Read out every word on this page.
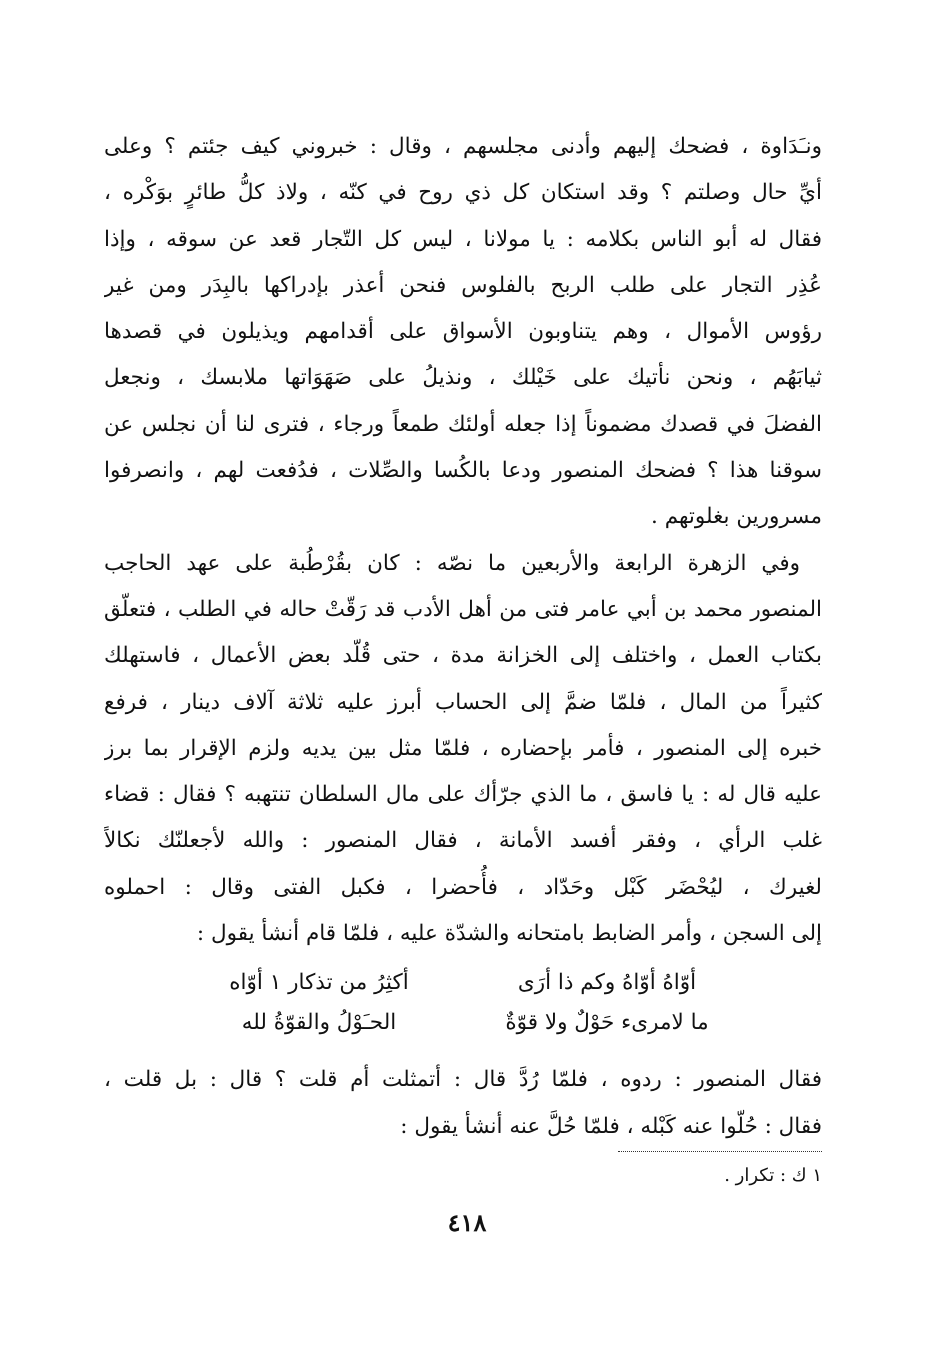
ونـَدَاوة ، فضحك إليهم وأدنى مجلسهم ، وقال : خبروني كيف جئتم ؟ وعلى
أيِّ حال وصلتم ؟ وقد استكان كل ذي روح في كنّه ، ولاذ كلُّ طائرٍ بوَكْره ،
فقال له أبو الناس بكلامه : يا مولانا ، ليس كل التّجار قعد عن سوقه ، وإذا
عُذِر التجار على طلب الربح بالفلوس فنحن أعذر بإدراكها بالبِدَر ومن غير
رؤوس الأموال ، وهم يتناوبون الأسواق على أقدامهم ويذيلون في قصدها
ثيابَهُم ، ونحن نأتيك على خَيْلك ، ونذيلُ على صَهَوَاتها ملابسك ، ونجعل
الفضلَ في قصدك مضموناً إذا جعله أولئك طمعاً ورجاء ، فترى لنا أن نجلس عن
سوقنا هذا ؟ فضحك المنصور ودعا بالكُسا والصِّلات ، فدُفعت لهم ، وانصرفوا
مسرورين بغلوتهم .
وفي الزهرة الرابعة والأربعين ما نصّه : كان بقُرْطُبة على عهد الحاجب
المنصور محمد بن أبي عامر فتى من أهل الأدب قد رَقّتْ حاله في الطلب ، فتعلّق
بكتاب العمل ، واختلف إلى الخزانة مدة ، حتى قُلّد بعض الأعمال ، فاستهلك
كثيراً من المال ، فلمّا ضمَّ إلى الحساب أبرز عليه ثلاثة آلاف دينار ، فرفع
خبره إلى المنصور ، فأمر بإحضاره ، فلمّا مثل بين يديه ولزم الإقرار بما برز
عليه قال له : يا فاسق ، ما الذي جرّأك على مال السلطان تنتهبه ؟ فقال : قضاء
غلب الرأي ، وفقر أفسد الأمانة ، فقال المنصور : والله لأجعلنّك نكالاً
لغيرك ، ليُحْضَر كَبْل وحَدّاد ، فأُحضرا ، فكبل الفتى وقال : احملوه
إلى السجن ، وأمر الضابط بامتحانه والشدّة عليه ، فلمّا قام أنشأ يقول :
أوّاهُ أوّاهُ وكم ذا أرَى
أكثِرُ من تذكار ١ أوّاه
ما لامرىء حَوْلٌ ولا قوّةٌ
الحـَوْلُ والقوّةُ لله
فقال المنصور : ردوه ، فلمّا رُدَّ قال : أتمثلت أم قلت ؟ قال : بل قلت ،
فقال : حُلّوا عنه كَبْله ، فلمّا حُلَّ عنه أنشأ يقول :
١ ك : تكرار .
٤١٨
